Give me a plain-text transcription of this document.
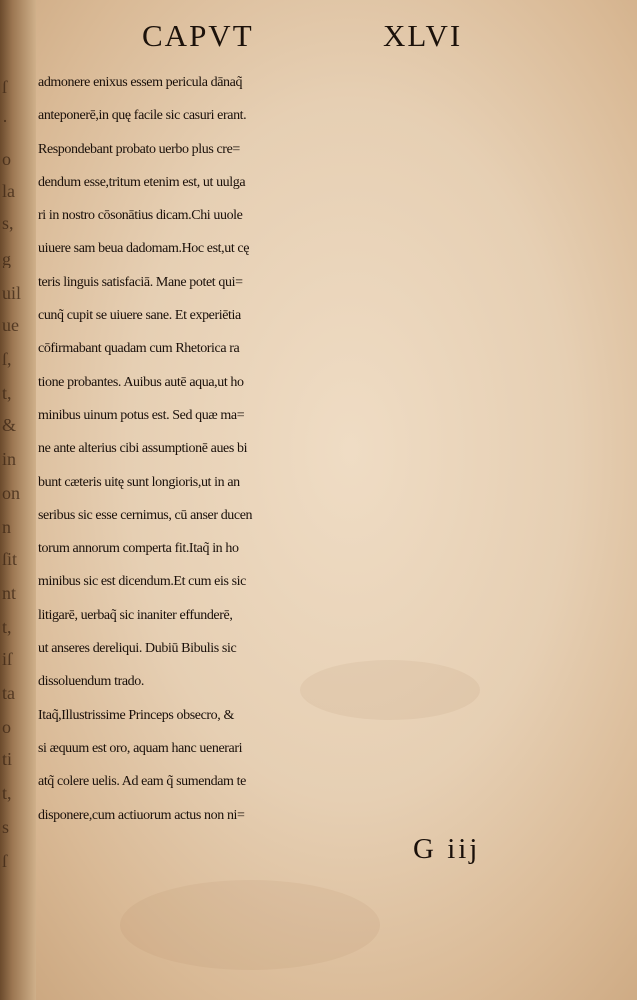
ſ
·
o
la
s,
g
uil
ue
ſ,
t,
&
in
on
n
ſit
nt
t,
iſ
ta
o
ti
t,
s
ſ
CAPVT	XLVI
admonere enixus essem pericula dānaq̃
anteponerē,in quę facile sic casuri erant.
Respondebant probato uerbo plus cre=
dendum esse,tritum etenim est, ut uulga
ri in nostro cōsonātius dicam.Chi uuole
uiuere sam beua dadomam.Hoc est,ut cę
teris linguis satisfaciā. Mane potet qui=
cunq̃ cupit se uiuere sane. Et experiētia
cōfirmabant quadam cum Rhetorica ra
tione probantes. Auibus autē aqua,ut ho
minibus uinum potus est. Sed quæ ma=
ne ante alterius cibi assumptionē aues bi
bunt cæteris uitę sunt longioris,ut in an
seribus sic esse cernimus, cū anser ducen
torum annorum comperta fit.Itaq̃ in ho
minibus sic est dicendum.Et cum eis sic
litigarē, uerbaq̃ sic inaniter effunderē,
ut anseres dereliqui. Dubiū Bibulis sic
dissoluendum trado.
Itaq̃,Illustrissime Princeps obsecro, &
si æquum est oro, aquam hanc uenerari
atq̃ colere uelis. Ad eam q̃ sumendam te
disponere,cum actiuorum actus non ni=
G iij
